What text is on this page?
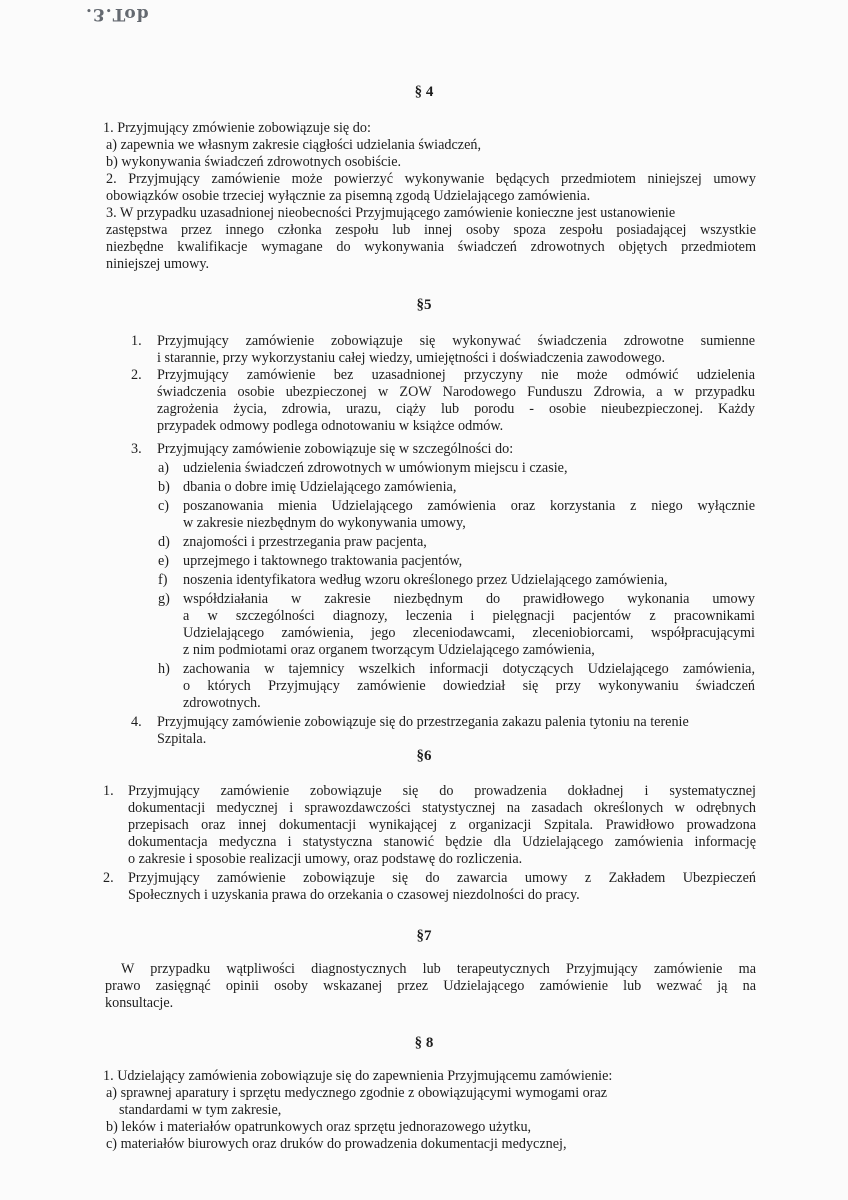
.3.Tob
§ 4
1. Przyjmujący zmówienie zobowiązuje się do:
a) zapewnia we własnym zakresie ciągłości udzielania świadczeń,
b) wykonywania świadczeń zdrowotnych osobiście.
2. Przyjmujący zamówienie może powierzyć wykonywanie będących przedmiotem niniejszej umowy
obowiązków osobie trzeciej wyłącznie za pisemną zgodą Udzielającego zamówienia.
3. W przypadku uzasadnionej nieobecności Przyjmującego zamówienie konieczne jest ustanowienie
zastępstwa przez innego członka zespołu lub innej osoby spoza zespołu posiadającej wszystkie
niezbędne kwalifikacje wymagane do wykonywania świadczeń zdrowotnych objętych przedmiotem
niniejszej umowy.
§5
1. Przyjmujący zamówienie zobowiązuje się wykonywać świadczenia zdrowotne sumienne
i starannie, przy wykorzystaniu całej wiedzy, umiejętności i doświadczenia zawodowego.
2. Przyjmujący zamówienie bez uzasadnionej przyczyny nie może odmówić udzielenia
świadczenia osobie ubezpieczonej w ZOW Narodowego Funduszu Zdrowia, a w przypadku
zagrożenia życia, zdrowia, urazu, ciąży lub porodu - osobie nieubezpieczonej. Każdy
przypadek odmowy podlega odnotowaniu w książce odmów.
3. Przyjmujący zamówienie zobowiązuje się w szczególności do:
a) udzielenia świadczeń zdrowotnych w umówionym miejscu i czasie,
b) dbania o dobre imię Udzielającego zamówienia,
c) poszanowania mienia Udzielającego zamówienia oraz korzystania z niego wyłącznie
w zakresie niezbędnym do wykonywania umowy,
d) znajomości i przestrzegania praw pacjenta,
e) uprzejmego i taktownego traktowania pacjentów,
f) noszenia identyfikatora według wzoru określonego przez Udzielającego zamówienia,
g) współdziałania w zakresie niezbędnym do prawidłowego wykonania umowy
a w szczególności diagnozy, leczenia i pielęgnacji pacjentów z pracownikami
Udzielającego zamówienia, jego zleceniodawcami, zleceniobiorcami, współpracującymi
z nim podmiotami oraz organem tworzącym Udzielającego zamówienia,
h) zachowania w tajemnicy wszelkich informacji dotyczących Udzielającego zamówienia,
o których Przyjmujący zamówienie dowiedział się przy wykonywaniu świadczeń
zdrowotnych.
4. Przyjmujący zamówienie zobowiązuje się do przestrzegania zakazu palenia tytoniu na terenie
Szpitala.
§6
1. Przyjmujący zamówienie zobowiązuje się do prowadzenia dokładnej i systematycznej
dokumentacji medycznej i sprawozdawczości statystycznej na zasadach określonych w odrębnych
przepisach oraz innej dokumentacji wynikającej z organizacji Szpitala. Prawidłowo prowadzona
dokumentacja medyczna i statystyczna stanowić będzie dla Udzielającego zamówienia informację
o zakresie i sposobie realizacji umowy, oraz podstawę do rozliczenia.
2. Przyjmujący zamówienie zobowiązuje się do zawarcia umowy z Zakładem Ubezpieczeń
Społecznych i uzyskania prawa do orzekania o czasowej niezdolności do pracy.
§7
W przypadku wątpliwości diagnostycznych lub terapeutycznych Przyjmujący zamówienie ma
prawo zasięgnąć opinii osoby wskazanej przez Udzielającego zamówienie lub wezwać ją na
konsultacje.
§ 8
1. Udzielający zamówienia zobowiązuje się do zapewnienia Przyjmującemu zamówienie:
a) sprawnej aparatury i sprzętu medycznego zgodnie z obowiązującymi wymogami oraz
standardami w tym zakresie,
b) leków i materiałów opatrunkowych oraz sprzętu jednorazowego użytku,
c) materiałów biurowych oraz druków do prowadzenia dokumentacji medycznej,
